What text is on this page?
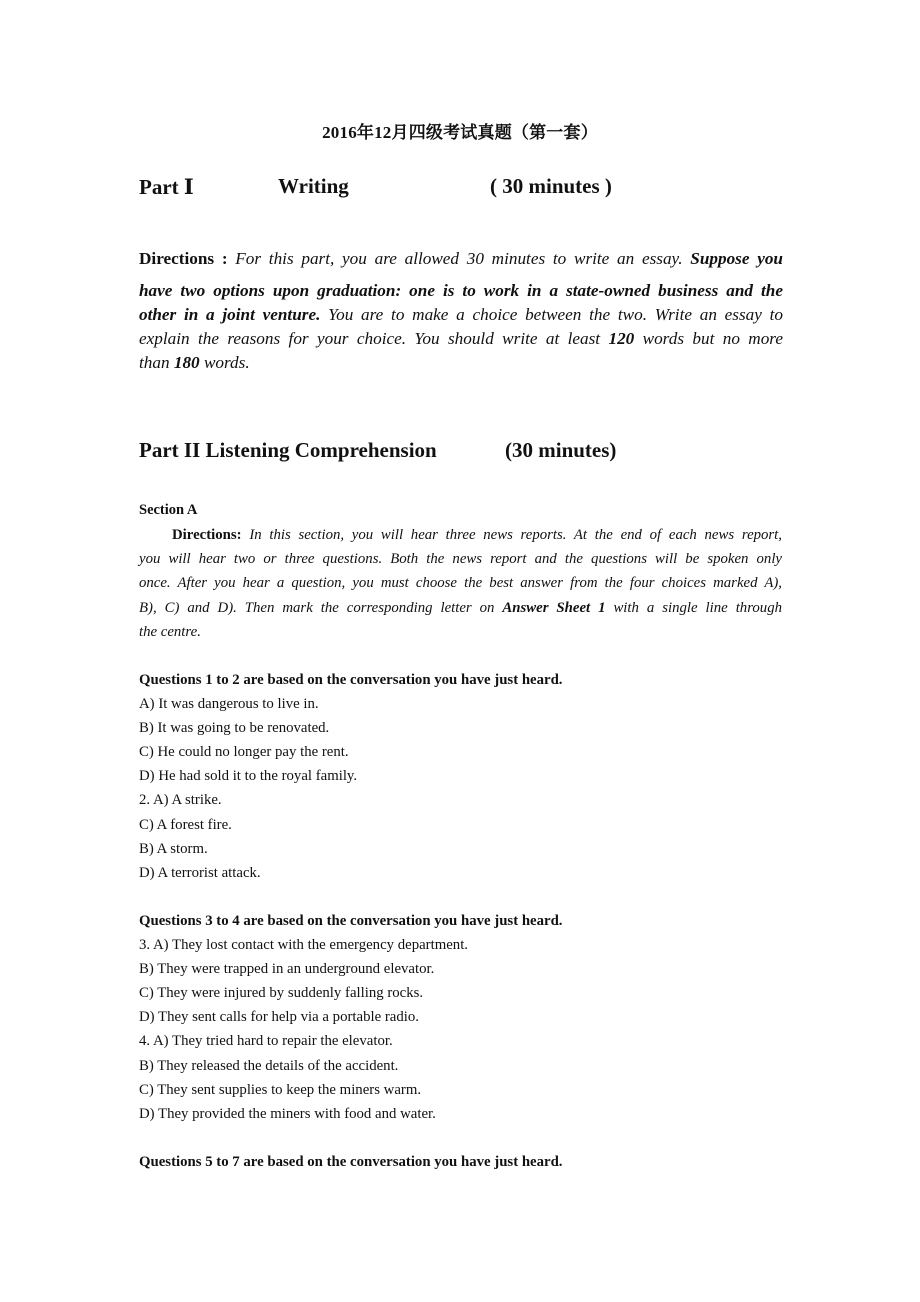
2016年12月四级考试真题（第一套）
Part Ⅰ	Writing	( 30 minutes )
Directions : For this part, you are allowed 30 minutes to write an essay. Suppose you
have two options upon graduation: one is to work in a state-owned business and the
other in a joint venture. You are to make a choice between the two. Write an essay to
explain the reasons for your choice. You should write at least 120 words but no more
than 180 words.
Part II Listening Comprehension	(30 minutes)
Section A
Directions: In this section, you will hear three news reports. At the end of each news report,
you will hear two or three questions. Both the news report and the questions will be spoken only
once. After you hear a question, you must choose the best answer from the four choices marked A),
B), C) and D). Then mark the corresponding letter on Answer Sheet 1 with a single line through
the centre.
Questions 1 to 2 are based on the conversation you have just heard.
A) It was dangerous to live in.
B) It was going to be renovated.
C) He could no longer pay the rent.
D) He had sold it to the royal family.
2. A) A strike.
C) A forest fire.
B) A storm.
D) A terrorist attack.
Questions 3 to 4 are based on the conversation you have just heard.
3. A) They lost contact with the emergency department.
B) They were trapped in an underground elevator.
C) They were injured by suddenly falling rocks.
D) They sent calls for help via a portable radio.
4. A) They tried hard to repair the elevator.
B) They released the details of the accident.
C) They sent supplies to keep the miners warm.
D) They provided the miners with food and water.
Questions 5 to 7 are based on the conversation you have just heard.
